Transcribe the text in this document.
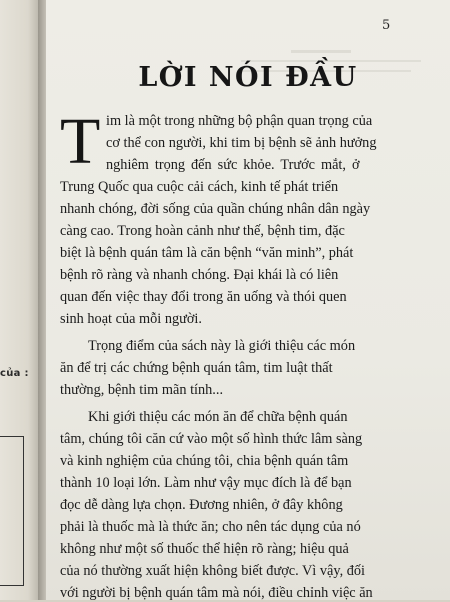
của :
5
LỜI NÓI ĐẦU
T im là một trong những bộ phận quan trọng của
cơ thể con người, khi tim bị bệnh sẽ ảnh hưởng
nghiêm trọng đến sức khỏe. Trước mắt, ở
Trung Quốc qua cuộc cải cách, kinh tế phát triển
nhanh chóng, đời sống của quần chúng nhân dân ngày
càng cao. Trong hoàn cảnh như thế, bệnh tim, đặc
biệt là bệnh quán tâm là căn bệnh “văn minh”, phát
bệnh rõ ràng và nhanh chóng. Đại khái là có liên
quan đến việc thay đổi trong ăn uống và thói quen
sinh hoạt của mỗi người.
Trọng điểm của sách này là giới thiệu các món
ăn để trị các chứng bệnh quán tâm, tim luật thất
thường, bệnh tim mãn tính...
Khi giới thiệu các món ăn để chữa bệnh quán
tâm, chúng tôi căn cứ vào một số hình thức lâm sàng
và kinh nghiệm của chúng tôi, chia bệnh quán tâm
thành 10 loại lớn. Làm như vậy mục đích là để bạn
đọc dễ dàng lựa chọn. Đương nhiên, ở đây không
phải là thuốc mà là thức ăn; cho nên tác dụng của nó
không như một số thuốc thể hiện rõ ràng; hiệu quả
của nó thường xuất hiện không biết được. Vì vậy, đối
với người bị bệnh quán tâm mà nói, điều chỉnh việc ăn
